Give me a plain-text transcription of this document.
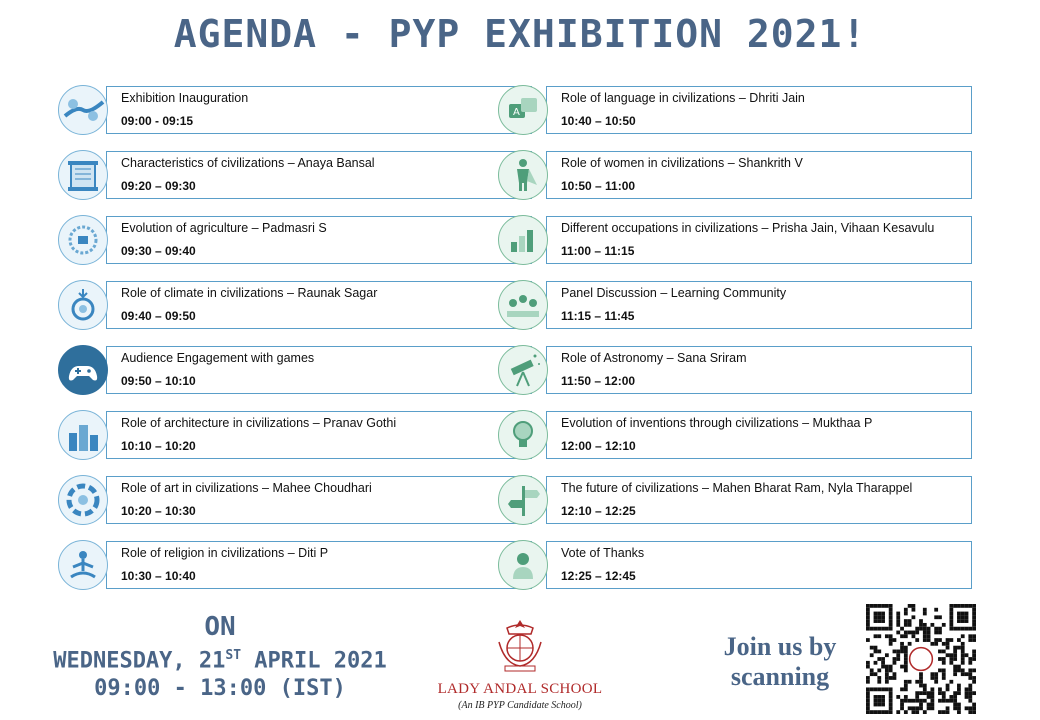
AGENDA - PYP EXHIBITION 2021!
Exhibition Inauguration
09:00 - 09:15
Characteristics of civilizations – Anaya Bansal
09:20 – 09:30
Evolution of agriculture – Padmasri S
09:30 – 09:40
Role of climate in civilizations – Raunak Sagar
09:40 – 09:50
Audience Engagement with games
09:50 – 10:10
Role of architecture in civilizations – Pranav Gothi
10:10 – 10:20
Role of art in civilizations – Mahee Choudhari
10:20 – 10:30
Role of religion in civilizations – Diti P
10:30 – 10:40
A
Role of language in civilizations – Dhriti Jain
10:40 – 10:50
Role of women in civilizations – Shankrith V
10:50 – 11:00
Different occupations in civilizations – Prisha Jain, Vihaan Kesavulu
11:00 – 11:15
Panel Discussion – Learning Community
11:15 – 11:45
Role of Astronomy – Sana Sriram
11:50 – 12:00
Evolution of inventions through civilizations – Mukthaa P
12:00 – 12:10
The future of civilizations – Mahen Bharat Ram, Nyla Tharappel
12:10 – 12:25
Vote of Thanks
12:25 – 12:45
ON
WEDNESDAY, 21ST APRIL 2021
09:00 - 13:00 (IST)	LADY ANDAL SCHOOL
(An IB PYP Candidate School)
Join us by
scanning
